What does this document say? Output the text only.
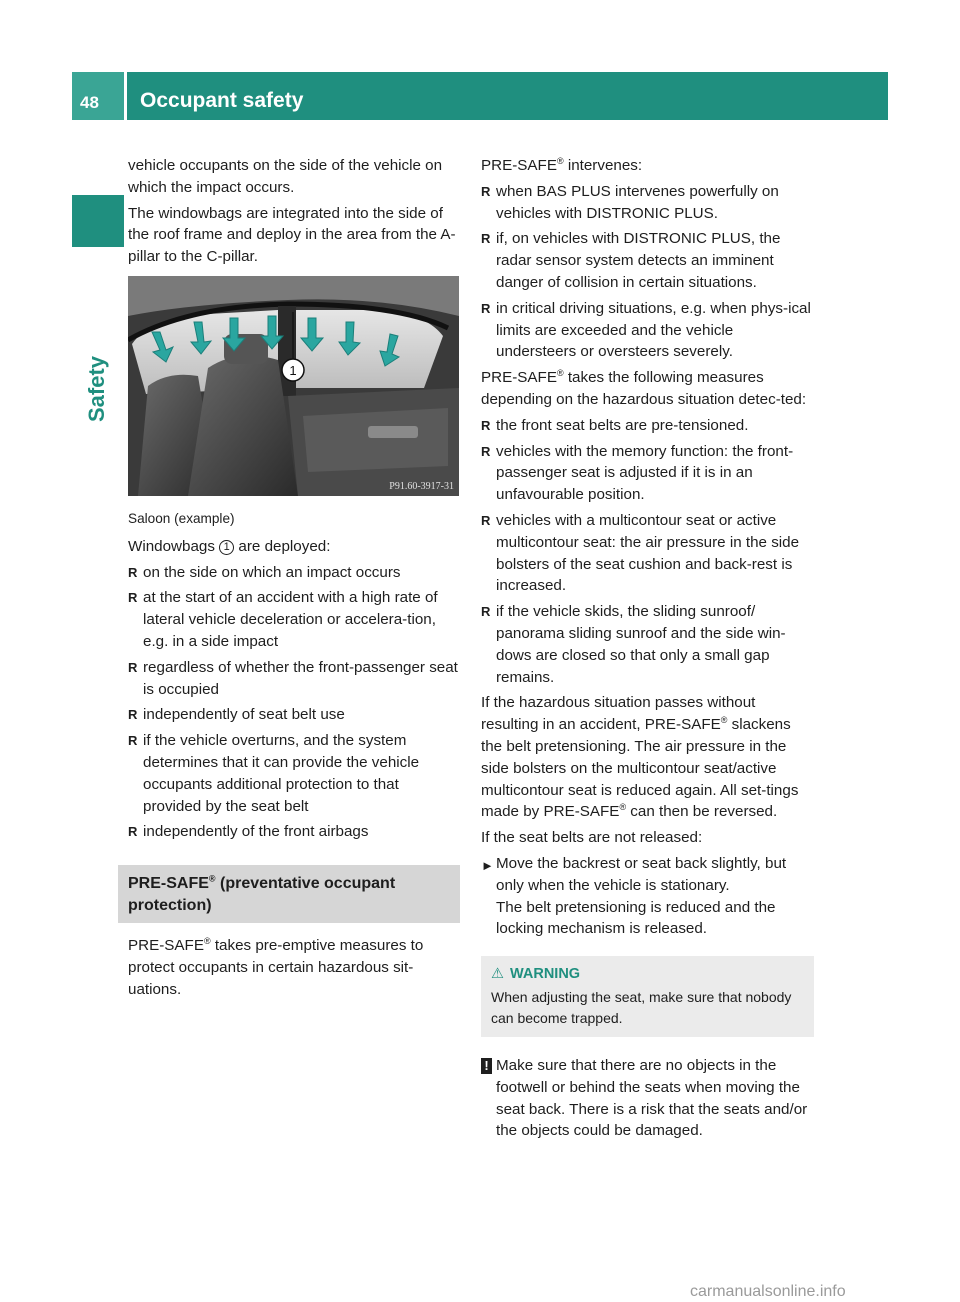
48 Occupant safety
Safety

vehicle occupants on the side of the vehicle on which the impact occurs.

The windowbags are integrated into the side of the roof frame and deploy in the area from the A-pillar to the C-pillar.

1
P91.60-3917-31

Saloon (example)

Windowbags 1 are deployed:

R on the side on which an impact occurs
R at the start of an accident with a high rate of lateral vehicle deceleration or accelera-tion, e.g. in a side impact
R regardless of whether the front-passenger seat is occupied
R independently of seat belt use
R if the vehicle overturns, and the system determines that it can provide the vehicle occupants additional protection to that provided by the seat belt
R independently of the front airbags
PRE-SAFE® (preventative occupant protection)

PRE-SAFE® takes pre-emptive measures to protect occupants in certain hazardous sit-uations.

PRE-SAFE® intervenes:

R when BAS PLUS intervenes powerfully on vehicles with DISTRONIC PLUS.
R if, on vehicles with DISTRONIC PLUS, the radar sensor system detects an imminent danger of collision in certain situations.
R in critical driving situations, e.g. when phys-ical limits are exceeded and the vehicle understeers or oversteers severely.

PRE-SAFE® takes the following measures depending on the hazardous situation detec-ted:

R the front seat belts are pre-tensioned.
R vehicles with the memory function: the front-passenger seat is adjusted if it is in an unfavourable position.
R vehicles with a multicontour seat or active multicontour seat: the air pressure in the side bolsters of the seat cushion and back-rest is increased.
R if the vehicle skids, the sliding sunroof/ panorama sliding sunroof and the side win-dows are closed so that only a small gap remains.

If the hazardous situation passes without resulting in an accident, PRE-SAFE® slackens the belt pretensioning. The air pressure in the side bolsters on the multicontour seat/active multicontour seat is reduced again. All set-tings made by PRE-SAFE® can then be reversed.

If the seat belts are not released:

► Move the backrest or seat back slightly, but only when the vehicle is stationary.
The belt pretensioning is reduced and the locking mechanism is released.
⚠ WARNING
When adjusting the seat, make sure that nobody can become trapped.
! Make sure that there are no objects in the footwell or behind the seats when moving the seat back. There is a risk that the seats and/or the objects could be damaged.
carmanualsonline.info
